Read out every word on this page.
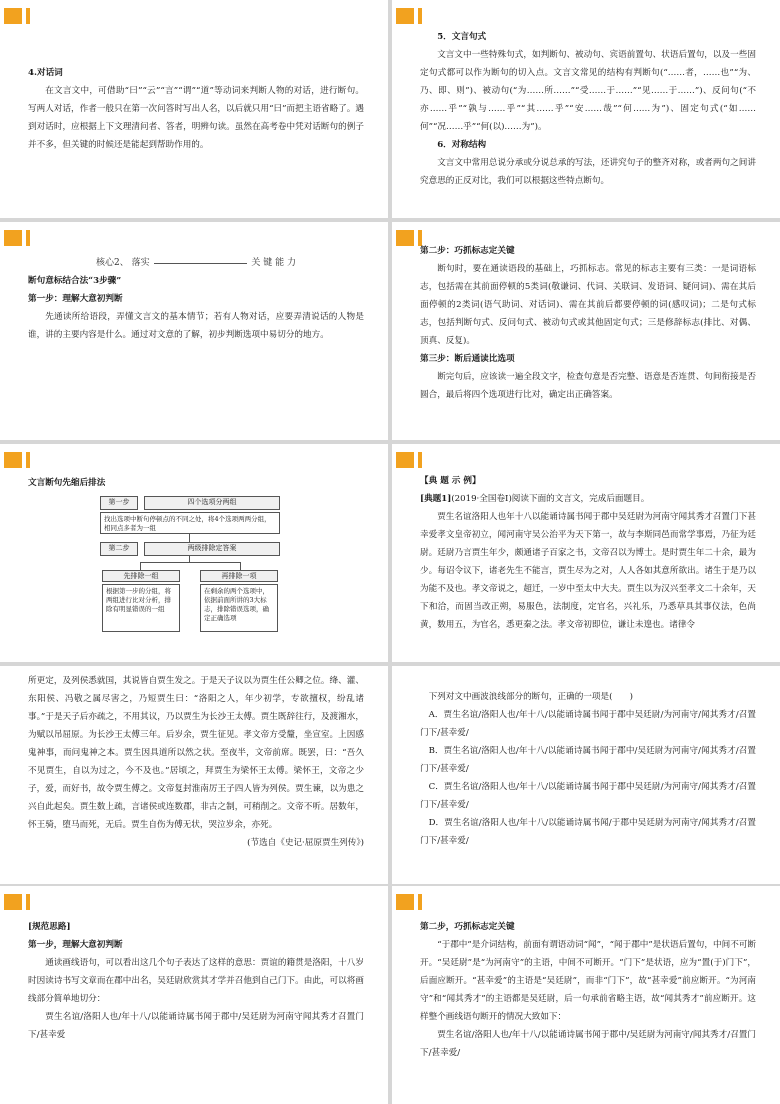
4.对话词

在文言文中，可借助“曰”“云”“言”“谓”“道”等动词来判断人物的对话，进行断句。写两人对话，作者一般只在第一次问答时写出人名，以后就只用“曰”而把主语省略了。遇到对话时，应根据上下文理清问者、答者，明辨句读。虽然在高考卷中凭对话断句的例子并不多，但关键的时候还是能起到帮助作用的。

5．文言句式

文言文中一些特殊句式，如判断句、被动句、宾语前置句、状语后置句，以及一些固定句式都可以作为断句的切入点。文言文常见的结构有判断句(“……者，……也”“为、乃、即、则”)、被动句(“为……所……”“受……于……”“见……于……”)、反问句(“不亦……乎”“孰与……乎”“其……乎”“安……哉”“何……为”)、固定句式(“如……何”“况……乎”“何(以)……为”)。

6．对称结构

文言文中常用总说分承或分说总承的写法，还讲究句子的整齐对称，或者两句之间讲究意思的正反对比，我们可以根据这些特点断句。

核心2、
落实	关 键 能 力

断句意标结合法“3步骤”

第一步：理解大意初判断

先通读所给语段，弄懂文言文的基本情节；若有人物对话，应要弄清说话的人物是谁，讲的主要内容是什么。通过对文意的了解，初步判断选项中易切分的地方。

第二步：巧抓标志定关键

断句时，要在通读语段的基础上，巧抓标志。常见的标志主要有三类：一是词语标志，包括需在其前面停顿的5类词(敬谦词、代词、关联词、发语词、疑问词)、需在其后面停顿的2类词(语气助词、对话词)、需在其前后都要停顿的词(感叹词)；二是句式标志，包括判断句式、反问句式、被动句式或其他固定句式；三是修辞标志(排比、对偶、顶真、反复)。

第三步：断后通读比选项

断完句后，应该读一遍全段文字，检查句意是否完整、语意是否连贯、句间衔接是否圆合，最后将四个选项进行比对，确定出正确答案。

文言断句先缩后排法

第一步	四个选项分两组
找出选项中断句停顿点的不同之处，将4个选项两两分组，相同点多者为一组
第二步	两级排除定答案
先排除一组
根据第一步的分组，将两组进行比对分析，排除有明显错误的一组
再排除一项
在剩余的两个选项中，依据前面所讲的3大标志，排除错误选项，确定正确选项

【典 题 示 例】

[典题1](2019·全国卷Ⅰ)阅读下面的文言文，完成后面题目。

贾生名谊洛阳人也年十八以能诵诗属书闻于郡中吴廷尉为河南守闻其秀才召置门下甚幸爱孝文皇帝初立，闻河南守吴公治平为天下第一，故与李斯同邑而常学事焉，乃征为廷尉。廷尉乃言贾生年少，颇通诸子百家之书，文帝召以为博士。是时贾生年二十余，最为少。每诏令议下，诸老先生不能言，贾生尽为之对，人人各如其意所欲出。诸生于是乃以为能不及也。孝文帝说之，超迁，一岁中至太中大夫。贾生以为汉兴至孝文二十余年，天下和洽，而固当改正朔，易服色，法制度，定官名，兴礼乐，乃悉草具其事仪法，色尚黄，数用五，为官名，悉更秦之法。孝文帝初即位，谦让未遑也。诸律令

所更定，及列侯悉就国，其说皆自贾生发之。于是天子议以为贾生任公卿之位。绛、灌、东阳侯、冯敬之属尽害之，乃短贾生曰：“洛阳之人，年少初学，专欲擅权，纷乱诸事。”于是天子后亦疏之，不用其议，乃以贾生为长沙王太傅。贾生既辞往行，及渡湘水，为赋以吊屈原。为长沙王太傅三年。后岁余，贾生征见。孝文帝方受釐，坐宣室。上因感鬼神事，而问鬼神之本。贾生因具道所以然之状。至夜半，文帝前席。既罢，曰：“吾久不见贾生，自以为过之，今不及也。”居顷之，拜贾生为梁怀王太傅。梁怀王，文帝之少子，爱，而好书，故令贾生傅之。文帝复封淮南厉王子四人皆为列侯。贾生谏，以为患之兴自此起矣。贾生数上疏，言诸侯或连数郡，非古之制，可稍削之。文帝不听。居数年，怀王骑，堕马而死，无后。贾生自伤为傅无状，哭泣岁余，亦死。

(节选自《史记·屈原贾生列传》)

下列对文中画波浪线部分的断句，正确的一项是(　　)

A．贾生名谊/洛阳人也/年十八/以能诵诗属书闻于郡中吴廷尉/为河南守/闻其秀才/召置门下/甚幸爱/

B．贾生名谊/洛阳人也/年十八/以能诵诗属书闻于郡中/吴廷尉为河南守/闻其秀才/召置门下/甚幸爱/

C．贾生名谊/洛阳人也/年十八/以能诵诗属书闻于郡中吴廷尉/为河南守/闻其秀才/召置门下/甚幸爱/

D．贾生名谊/洛阳人也/年十八/以能诵诗属书闻/于郡中吴廷尉为河南守/闻其秀才/召置门下/甚幸爱/

[规范思路]

第一步，理解大意初判断

通读画线语句，可以看出这几个句子表达了这样的意思：贾谊的籍贯是洛阳，十八岁时因读诗书写文章而在郡中出名，吴廷尉欣赏其才学并召他到自己门下。由此，可以将画线部分简单地切分：

贾生名谊/洛阳人也/年十八/以能诵诗属书闻于郡中/吴廷尉为河南守闻其秀才召置门下/甚幸爱

第二步，巧抓标志定关键

“于郡中”是介词结构，前面有谓语动词“闻”，“闻于郡中”是状语后置句，中间不可断开。“吴廷尉”是“为河南守”的主语，中间不可断开。“门下”是状语，应为“置(于)门下”，后面应断开。“甚幸爱”的主语是“吴廷尉”，而非“门下”，故“甚幸爱”前应断开。“为河南守”和“闻其秀才”的主语都是吴廷尉，后一句承前省略主语，故“闻其秀才”前应断开。这样整个画线语句断开的情况大致如下：

贾生名谊/洛阳人也/年十八/以能诵诗属书闻于郡中/吴廷尉为河南守/闻其秀才/召置门下/甚幸爱/
